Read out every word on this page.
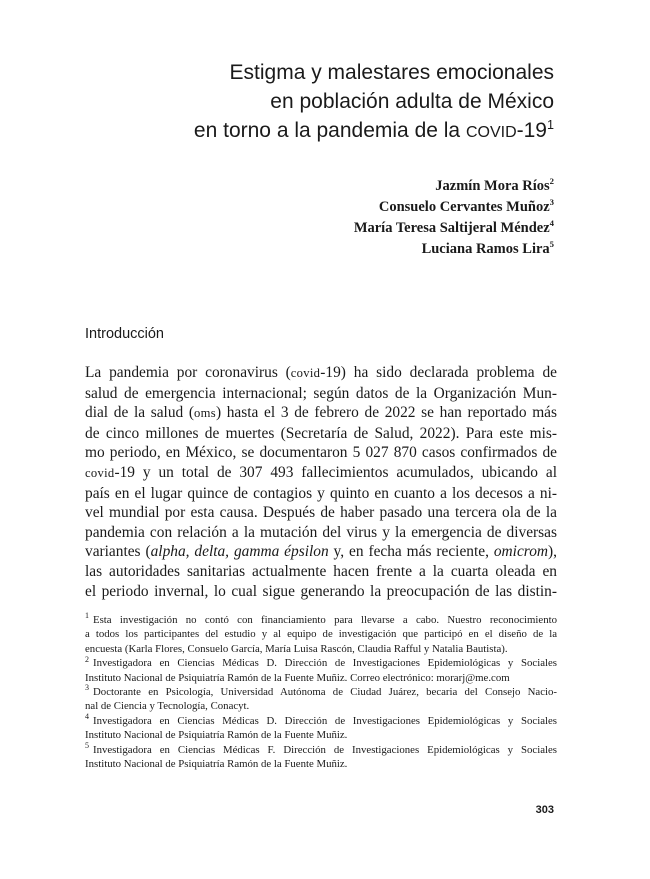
Estigma y malestares emocionales
en población adulta de México
en torno a la pandemia de la COVID-$19^1$
Jazmín Mora Ríos$^2$
Consuelo Cervantes Muñoz$^3$
María Teresa Saltijeral Méndez$^4$
Luciana Ramos Lira$^5$
Introducción
La pandemia por coronavirus (covid-19) ha sido declarada problema de
salud de emergencia internacional; según datos de la Organización Mun-
dial de la salud (oms) hasta el 3 de febrero de 2022 se han reportado más
de cinco millones de muertes (Secretaría de Salud, 2022). Para este mis-
mo periodo, en México, se documentaron 5 027 870 casos confirmados de
covid-19 y un total de 307 493 fallecimientos acumulados, ubicando al
país en el lugar quince de contagios y quinto en cuanto a los decesos a ni-
vel mundial por esta causa. Después de haber pasado una tercera ola de la
pandemia con relación a la mutación del virus y la emergencia de diversas
variantes (alpha, delta, gamma épsilon y, en fecha más reciente, omicrom),
las autoridades sanitarias actualmente hacen frente a la cuarta oleada en
el periodo invernal, lo cual sigue generando la preocupación de las distin-
$^1$ Esta investigación no contó con financiamiento para llevarse a cabo. Nuestro reconocimiento
a todos los participantes del estudio y al equipo de investigación que participó en el diseño de la
encuesta (Karla Flores, Consuelo García, María Luisa Rascón, Claudia Rafful y Natalia Bautista).
$^2$ Investigadora en Ciencias Médicas D. Dirección de Investigaciones Epidemiológicas y Sociales
Instituto Nacional de Psiquiatría Ramón de la Fuente Muñiz. Correo electrónico: morarj@me.com
$^3$ Doctorante en Psicología, Universidad Autónoma de Ciudad Juárez, becaria del Consejo Nacio-
nal de Ciencia y Tecnología, Conacyt.
$^4$ Investigadora en Ciencias Médicas D. Dirección de Investigaciones Epidemiológicas y Sociales
Instituto Nacional de Psiquiatría Ramón de la Fuente Muñiz.
$^5$ Investigadora en Ciencias Médicas F. Dirección de Investigaciones Epidemiológicas y Sociales
Instituto Nacional de Psiquiatría Ramón de la Fuente Muñiz.
303
